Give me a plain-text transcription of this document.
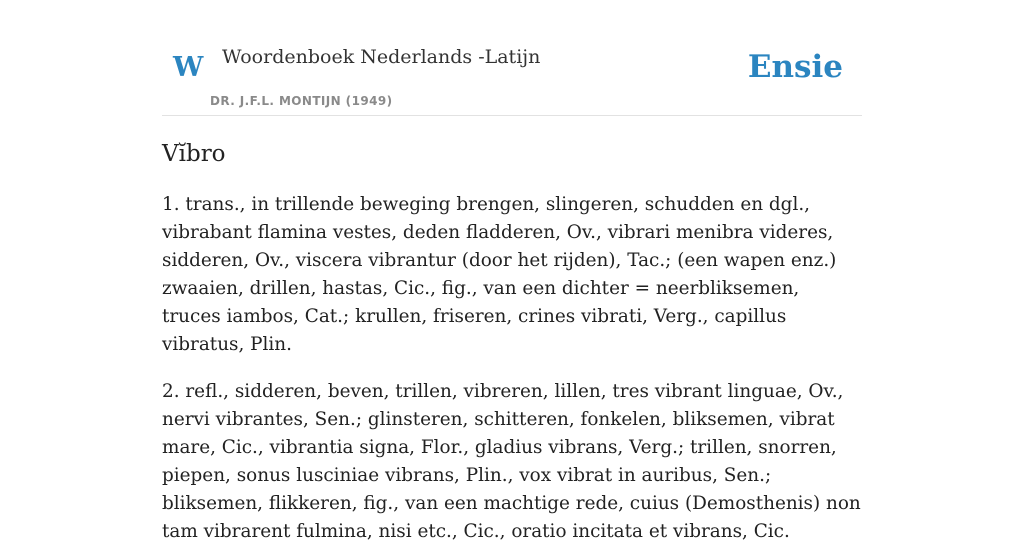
W Woordenboek Nederlands -Latijn
DR. J.F.L. MONTIJN (1949)
Ensie
Vĭbro

1. trans., in trillende beweging brengen, slingeren, schudden en dgl., vibrabant flamina vestes, deden fladderen, Ov., vibrari menibra videres, sidderen, Ov., viscera vibrantur (door het rijden), Tac.; (een wapen enz.) zwaaien, drillen, hastas, Cic., fig., van een dichter = neerbliksemen, truces iambos, Cat.; krullen, friseren, crines vibrati, Verg., capillus vibratus, Plin.

2. refl., sidderen, beven, trillen, vibreren, lillen, tres vibrant linguae, Ov., nervi vibrantes, Sen.; glinsteren, schitteren, fonkelen, bliksemen, vibrat mare, Cic., vibrantia signa, Flor., gladius vibrans, Verg.; trillen, snorren, piepen, sonus lusciniae vibrans, Plin., vox vibrat in auribus, Sen.; bliksemen, flikkeren, fig., van een machtige rede, cuius (Demosthenis) non tam vibrarent fulmina, nisi etc., Cic., oratio incitata et vibrans, Cic.
